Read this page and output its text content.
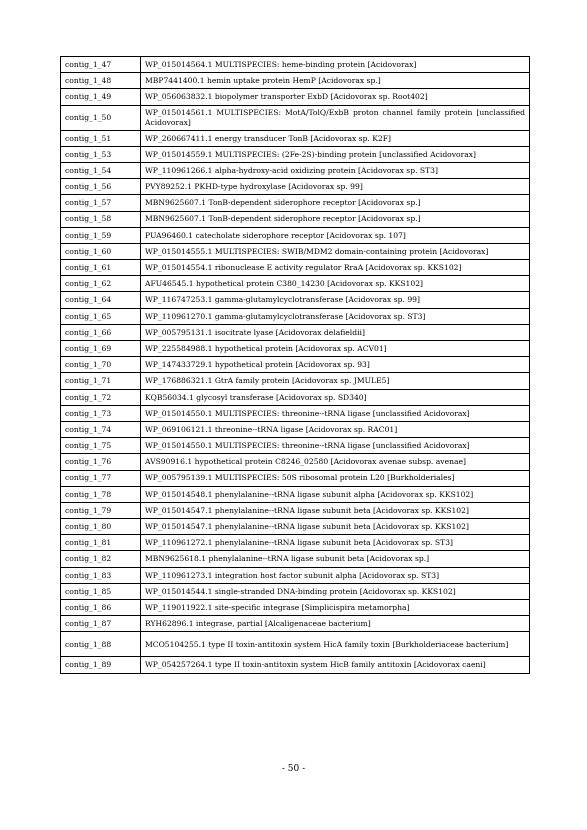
contig_1_47	WP_015014564.1 MULTISPECIES: heme-binding protein [Acidovorax]
contig_1_48	MBP7441400.1 hemin uptake protein HemP [Acidovorax sp.]
contig_1_49	WP_056063832.1 biopolymer transporter ExbD [Acidovorax sp. Root402]
contig_1_50	WP_015014561.1 MULTISPECIES: MotA/TolQ/ExbB proton channel family protein [unclassified Acidovorax]
contig_1_51	WP_260667411.1 energy transducer TonB [Acidovorax sp. K2F]
contig_1_53	WP_015014559.1 MULTISPECIES: (2Fe-2S)-binding protein [unclassified Acidovorax]
contig_1_54	WP_110961266.1 alpha-hydroxy-acid oxidizing protein [Acidovorax sp. ST3]
contig_1_56	PVY89252.1 PKHD-type hydroxylase [Acidovorax sp. 99]
contig_1_57	MBN9625607.1 TonB-dependent siderophore receptor [Acidovorax sp.]
contig_1_58	MBN9625607.1 TonB-dependent siderophore receptor [Acidovorax sp.]
contig_1_59	PUA96460.1 catecholate siderophore receptor [Acidovorax sp. 107]
contig_1_60	WP_015014555.1 MULTISPECIES: SWIB/MDM2 domain-containing protein [Acidovorax]
contig_1_61	WP_015014554.1 ribonuclease E activity regulator RraA [Acidovorax sp. KKS102]
contig_1_62	AFU46545.1 hypothetical protein C380_14230 [Acidovorax sp. KKS102]
contig_1_64	WP_116747253.1 gamma-glutamylcyclotransferase [Acidovorax sp. 99]
contig_1_65	WP_110961270.1 gamma-glutamylcyclotransferase [Acidovorax sp. ST3]
contig_1_66	WP_005795131.1 isocitrate lyase [Acidovorax delafieldii]
contig_1_69	WP_225584988.1 hypothetical protein [Acidovorax sp. ACV01]
contig_1_70	WP_147433729.1 hypothetical protein [Acidovorax sp. 93]
contig_1_71	WP_176886321.1 GtrA family protein [Acidovorax sp. JMULE5]
contig_1_72	KQB56034.1 glycosyl transferase [Acidovorax sp. SD340]
contig_1_73	WP_015014550.1 MULTISPECIES: threonine--tRNA ligase [unclassified Acidovorax]
contig_1_74	WP_069106121.1 threonine--tRNA ligase [Acidovorax sp. RAC01]
contig_1_75	WP_015014550.1 MULTISPECIES: threonine--tRNA ligase [unclassified Acidovorax]
contig_1_76	AVS90916.1 hypothetical protein C8246_02580 [Acidovorax avenae subsp. avenae]
contig_1_77	WP_005795139.1 MULTISPECIES: 50S ribosomal protein L20 [Burkholderiales]
contig_1_78	WP_015014548.1 phenylalanine--tRNA ligase subunit alpha [Acidovorax sp. KKS102]
contig_1_79	WP_015014547.1 phenylalanine--tRNA ligase subunit beta [Acidovorax sp. KKS102]
contig_1_80	WP_015014547.1 phenylalanine--tRNA ligase subunit beta [Acidovorax sp. KKS102]
contig_1_81	WP_110961272.1 phenylalanine--tRNA ligase subunit beta [Acidovorax sp. ST3]
contig_1_82	MBN9625618.1 phenylalanine--tRNA ligase subunit beta [Acidovorax sp.]
contig_1_83	WP_110961273.1 integration host factor subunit alpha [Acidovorax sp. ST3]
contig_1_85	WP_015014544.1 single-stranded DNA-binding protein [Acidovorax sp. KKS102]
contig_1_86	WP_119011922.1 site-specific integrase [Simplicispira metamorpha]
contig_1_87	RYH62896.1 integrase, partial [Alcaligenaceae bacterium]
contig_1_88	MCO5104255.1 type II toxin-antitoxin system HicA family toxin [Burkholderiaceae bacterium]
contig_1_89	WP_054257264.1 type II toxin-antitoxin system HicB family antitoxin [Acidovorax caeni]
- 50 -
